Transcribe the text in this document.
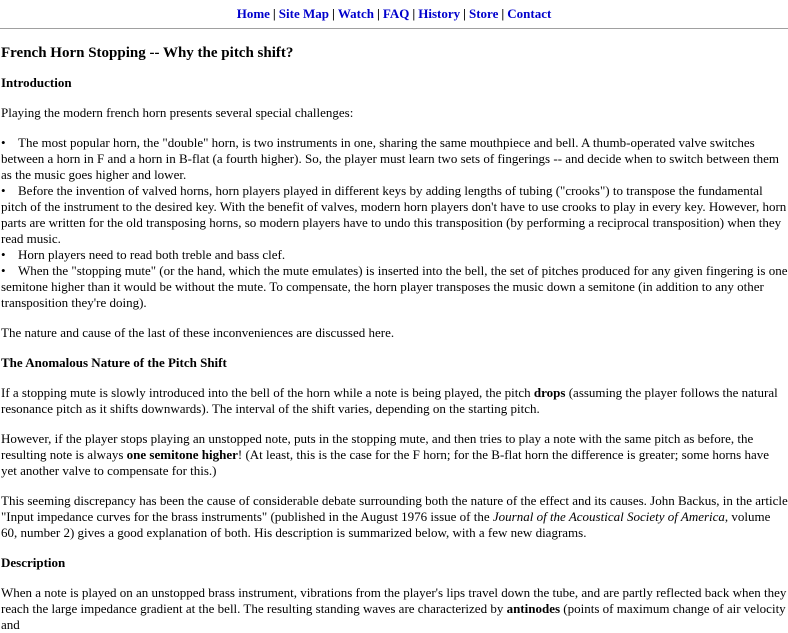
Home | Site Map | Watch | FAQ | History | Store | Contact
French Horn Stopping -- Why the pitch shift?
Introduction

Playing the modern french horn presents several special challenges:

• The most popular horn, the "double" horn, is two instruments in one, sharing the same mouthpiece and bell. A thumb-operated valve switches between a horn in F and a horn in B-flat (a fourth higher). So, the player must learn two sets of fingerings -- and decide when to switch between them as the music goes higher and lower.
• Before the invention of valved horns, horn players played in different keys by adding lengths of tubing ("crooks") to transpose the fundamental pitch of the instrument to the desired key. With the benefit of valves, modern horn players don't have to use crooks to play in every key. However, horn parts are written for the old transposing horns, so modern players have to undo this transposition (by performing a reciprocal transposition) when they read music.
• Horn players need to read both treble and bass clef.
• When the "stopping mute" (or the hand, which the mute emulates) is inserted into the bell, the set of pitches produced for any given fingering is one semitone higher than it would be without the mute. To compensate, the horn player transposes the music down a semitone (in addition to any other transposition they're doing).

The nature and cause of the last of these inconveniences are discussed here.

The Anomalous Nature of the Pitch Shift

If a stopping mute is slowly introduced into the bell of the horn while a note is being played, the pitch drops (assuming the player follows the natural resonance pitch as it shifts downwards). The interval of the shift varies, depending on the starting pitch.

However, if the player stops playing an unstopped note, puts in the stopping mute, and then tries to play a note with the same pitch as before, the resulting note is always one semitone higher! (At least, this is the case for the F horn; for the B-flat horn the difference is greater; some horns have yet another valve to compensate for this.)

This seeming discrepancy has been the cause of considerable debate surrounding both the nature of the effect and its causes. John Backus, in the article "Input impedance curves for the brass instruments" (published in the August 1976 issue of the Journal of the Acoustical Society of America, volume 60, number 2) gives a good explanation of both. His description is summarized below, with a few new diagrams.

Description

When a note is played on an unstopped brass instrument, vibrations from the player's lips travel down the tube, and are partly reflected back when they reach the large impedance gradient at the bell. The resulting standing waves are characterized by antinodes (points of maximum change of air velocity and
